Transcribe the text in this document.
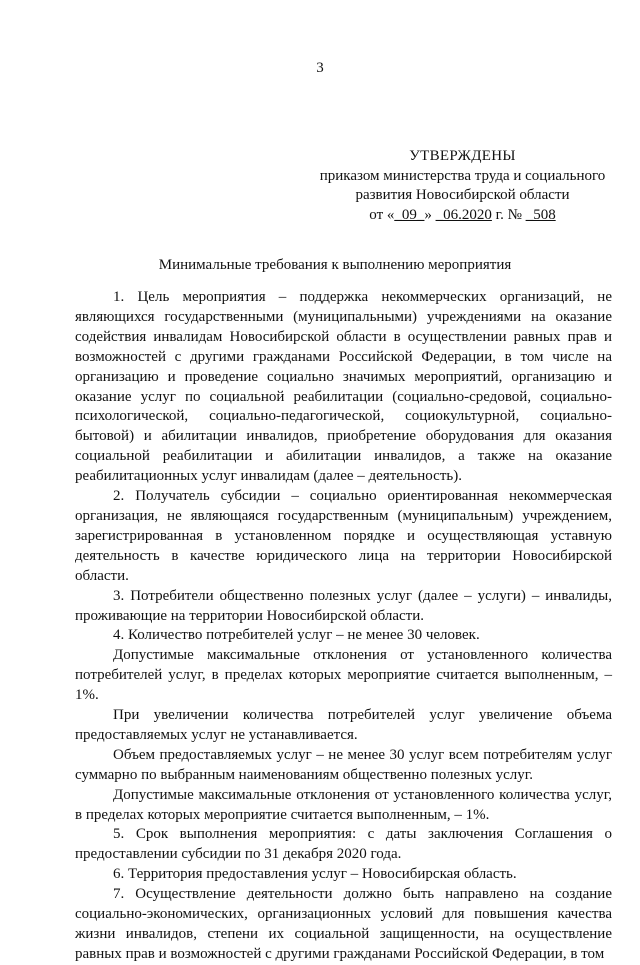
3
УТВЕРЖДЕНЫ
приказом министерства труда и социального
развития Новосибирской области
от «_09_» _06.2020 г. № _508
Минимальные требования к выполнению мероприятия

1. Цель мероприятия – поддержка некоммерческих организаций, не являющихся государственными (муниципальными) учреждениями на оказание содействия инвалидам Новосибирской области в осуществлении равных прав и возможностей с другими гражданами Российской Федерации, в том числе на организацию и проведение социально значимых мероприятий, организацию и оказание услуг по социальной реабилитации (социально-средовой, социально-психологической, социально-педагогической, социокультурной, социально-бытовой) и абилитации инвалидов, приобретение оборудования для оказания социальной реабилитации и абилитации инвалидов, а также на оказание реабилитационных услуг инвалидам (далее – деятельность).

2. Получатель субсидии – социально ориентированная некоммерческая организация, не являющаяся государственным (муниципальным) учреждением, зарегистрированная в установленном порядке и осуществляющая уставную деятельность в качестве юридического лица на территории Новосибирской области.

3. Потребители общественно полезных услуг (далее – услуги) – инвалиды, проживающие на территории Новосибирской области.

4. Количество потребителей услуг – не менее 30 человек.

Допустимые максимальные отклонения от установленного количества потребителей услуг, в пределах которых мероприятие считается выполненным, – 1%.

При увеличении количества потребителей услуг увеличение объема предоставляемых услуг не устанавливается.

Объем предоставляемых услуг – не менее 30 услуг всем потребителям услуг суммарно по выбранным наименованиям общественно полезных услуг.

Допустимые максимальные отклонения от установленного количества услуг, в пределах которых мероприятие считается выполненным, – 1%.

5. Срок выполнения мероприятия: с даты заключения Соглашения о предоставлении субсидии по 31 декабря 2020 года.

6. Территория предоставления услуг – Новосибирская область.

7. Осуществление деятельности должно быть направлено на создание социально-экономических, организационных условий для повышения качества жизни инвалидов, степени их социальной защищенности, на осуществление равных прав и возможностей с другими гражданами Российской Федерации, в том
